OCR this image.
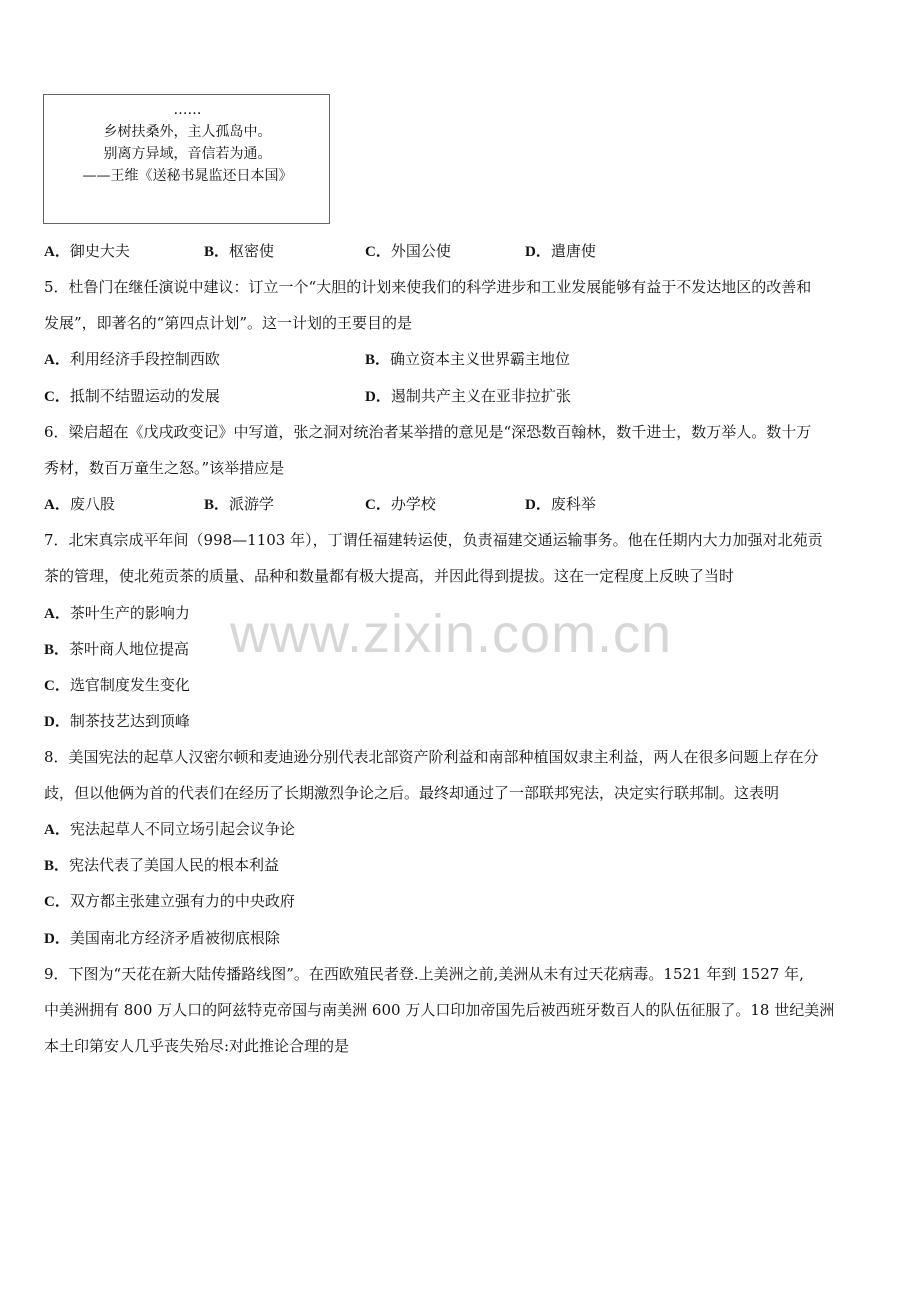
……
乡树扶桑外，主人孤岛中。
别离方异域，音信若为通。
——王维《送秘书晁监还日本国》
A．御史大夫	B．枢密使	C．外国公使	D．遣唐使
5．杜鲁门在继任演说中建议：订立一个“大胆的计划来使我们的科学进步和工业发展能够有益于不发达地区的改善和
发展”，即著名的“第四点计划”。这一计划的王要目的是
A．利用经济手段控制西欧	B．确立资本主义世界霸主地位
C．抵制不结盟运动的发展	D．遏制共产主义在亚非拉扩张
6．梁启超在《戊戌政变记》中写道，张之洞对统治者某举措的意见是“深恐数百翰林，数千进士，数万举人。数十万
秀材，数百万童生之怒。”该举措应是
A．废八股	B．派游学	C．办学校	D．废科举
7．北宋真宗成平年间（998—1103 年），丁谓任福建转运使，负责福建交通运输事务。他在任期内大力加强对北苑贡
茶的管理，使北苑贡茶的质量、品种和数量都有极大提高，并因此得到提拔。这在一定程度上反映了当时
A．茶叶生产的影响力
B．茶叶商人地位提高
C．选官制度发生变化
D．制茶技艺达到顶峰
8．美国宪法的起草人汉密尔顿和麦迪逊分别代表北部资产阶利益和南部种植国奴隶主利益，两人在很多问题上存在分
歧，但以他俩为首的代表们在经历了长期激烈争论之后。最终却通过了一部联邦宪法，决定实行联邦制。这表明
A．宪法起草人不同立场引起会议争论
B．宪法代表了美国人民的根本利益
C．双方都主张建立强有力的中央政府
D．美国南北方经济矛盾被彻底根除
9．下图为“天花在新大陆传播路线图”。在西欧殖民者登.上美洲之前,美洲从未有过天花病毒。1521 年到 1527 年,
中美洲拥有 800 万人口的阿兹特克帝国与南美洲 600 万人口印加帝国先后被西班牙数百人的队伍征服了。18 世纪美洲
本土印第安人几乎丧失殆尽:对此推论合理的是
www.zixin.com.cn
